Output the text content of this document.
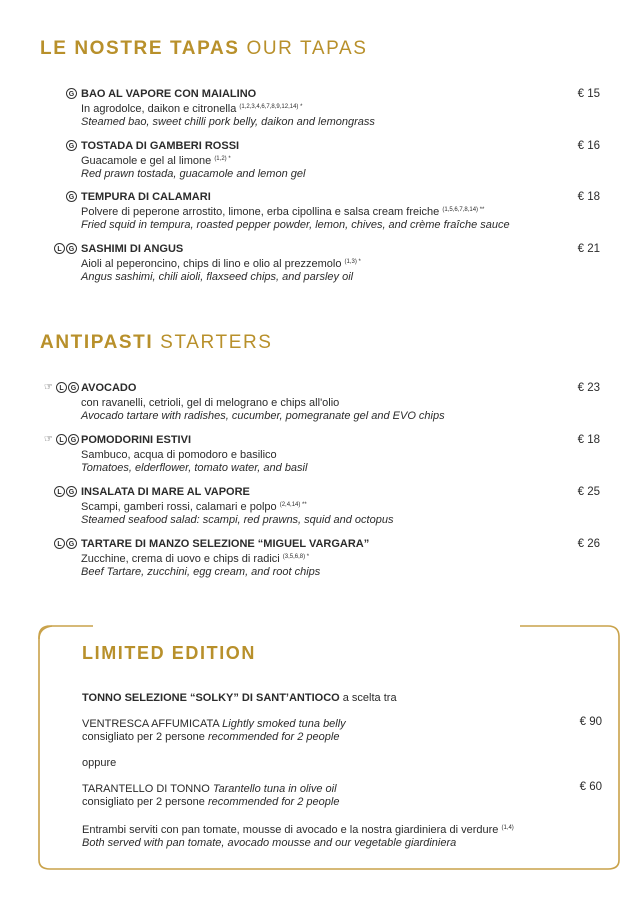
LE NOSTRE TAPAS OUR TAPAS
G BAO AL VAPORE CON MAIALINO
In agrodolce, daikon e citronella $^{(1,2,3,4,6,7,8,9,12,14) *}$
Steamed bao, sweet chilli pork belly, daikon and lemongrass
€ 15
G TOSTADA DI GAMBERI ROSSI
Guacamole e gel al limone $^{(1,2) *}$
Red prawn tostada, guacamole and lemon gel
€ 16
G TEMPURA DI CALAMARI
Polvere di peperone arrostito, limone, erba cipollina e salsa cream freiche $^{(1,5,6,7,8,14) **}$
Fried squid in tempura, roasted pepper powder, lemon, chives, and crème fraîche sauce
€ 18
L	G SASHIMI DI ANGUS
Aioli al peperoncino, chips di lino e olio al prezzemolo $^{(1,3) *}$
Angus sashimi, chili aioli, flaxseed chips, and parsley oil
€ 21
ANTIPASTI STARTERS
☞ L	G AVOCADO
con ravanelli, cetrioli, gel di melograno e chips all'olio
Avocado tartare with radishes, cucumber, pomegranate gel and EVO chips
€ 23
☞ L	G POMODORINI ESTIVI
Sambuco, acqua di pomodoro e basilico
Tomatoes, elderflower, tomato water, and basil
€ 18
L	G INSALATA DI MARE AL VAPORE
Scampi, gamberi rossi, calamari e polpo $^{(2,4,14) **}$
Steamed seafood salad: scampi, red prawns, squid and octopus
€ 25
L	G TARTARE DI MANZO SELEZIONE “MIGUEL VARGARA”
Zucchine, crema di uovo e chips di radici $^{(3,5,6,8) *}$
Beef Tartare, zucchini, egg cream, and root chips
€ 26
LIMITED EDITION
TONNO SELEZIONE “SOLKY” DI SANT’ANTIOCO a scelta tra
VENTRESCA AFFUMICATA Lightly smoked tuna belly
consigliato per 2 persone recommended for 2 people
€ 90
oppure
TARANTELLO DI TONNO Tarantello tuna in olive oil
consigliato per 2 persone recommended for 2 people
€ 60
Entrambi serviti con pan tomate, mousse di avocado e la nostra giardiniera di verdure $^{(1,4)}$
Both served with pan tomate, avocado mousse and our vegetable giardiniera
